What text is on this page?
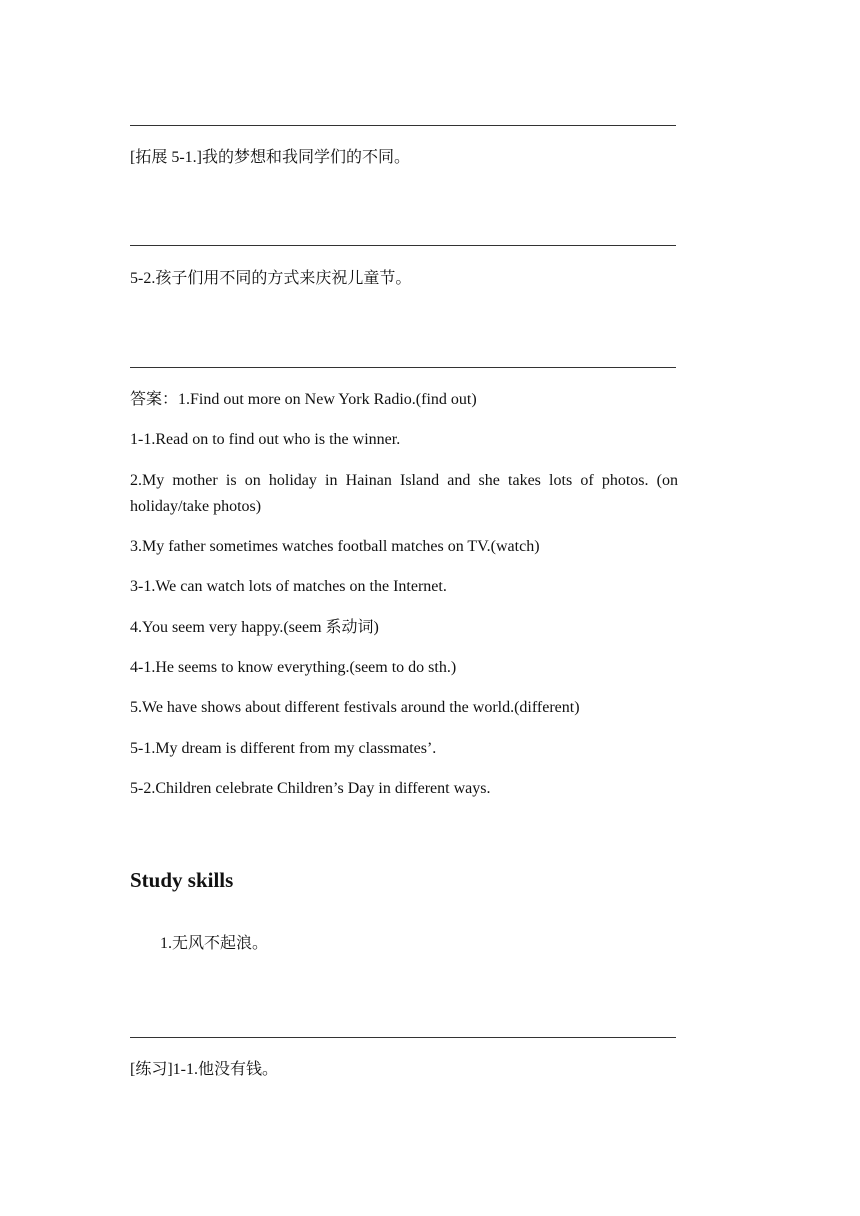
[拓展 5-1.]我的梦想和我同学们的不同。
5-2.孩子们用不同的方式来庆祝儿童节。
答案：1.Find out more on New York Radio.(find out)
1-1.Read on to find out who is the winner.
2.My mother is on holiday in Hainan Island and she takes lots of photos. (on holiday/take photos)
3.My father sometimes watches football matches on TV.(watch)
3-1.We can watch lots of matches on the Internet.
4.You seem very happy.(seem 系动词)
4-1.He seems to know everything.(seem to do sth.)
5.We have shows about different festivals around the world.(different)
5-1.My dream is different from my classmates’.
5-2.Children celebrate Children’s Day in different ways.
Study skills
1.无风不起浪。
[练习]1-1.他没有钱。
